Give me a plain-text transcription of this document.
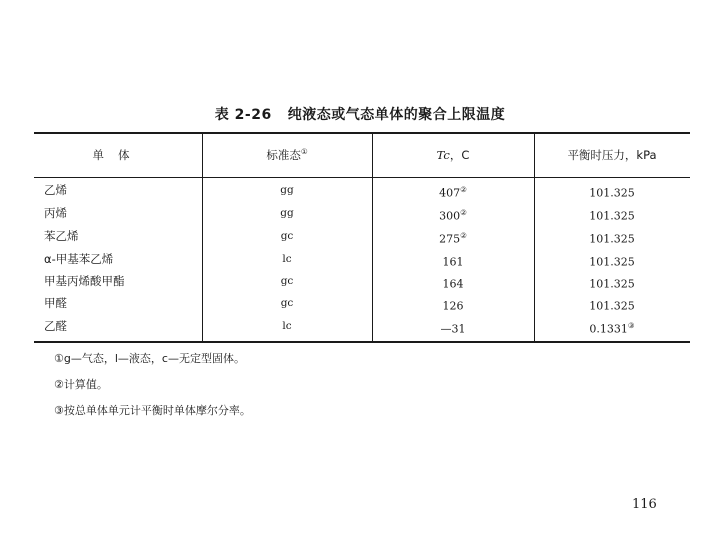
表 2-26 纯液态或气态单体的聚合上限温度
单体	标准态①	Tc，C	平衡时压力，kPa
乙烯	gg	407②	101.325
丙烯	gg	300②	101.325
苯乙烯	gc	275②	101.325
α-甲基苯乙烯	lc	161	101.325
甲基丙烯酸甲酯	gc	164	101.325
甲醛	gc	126	101.325
乙醛	lc	—31	0.1331③
①g—气态，l—液态，c—无定型固体。
②计算值。
③按总单体单元计平衡时单体摩尔分率。
116
